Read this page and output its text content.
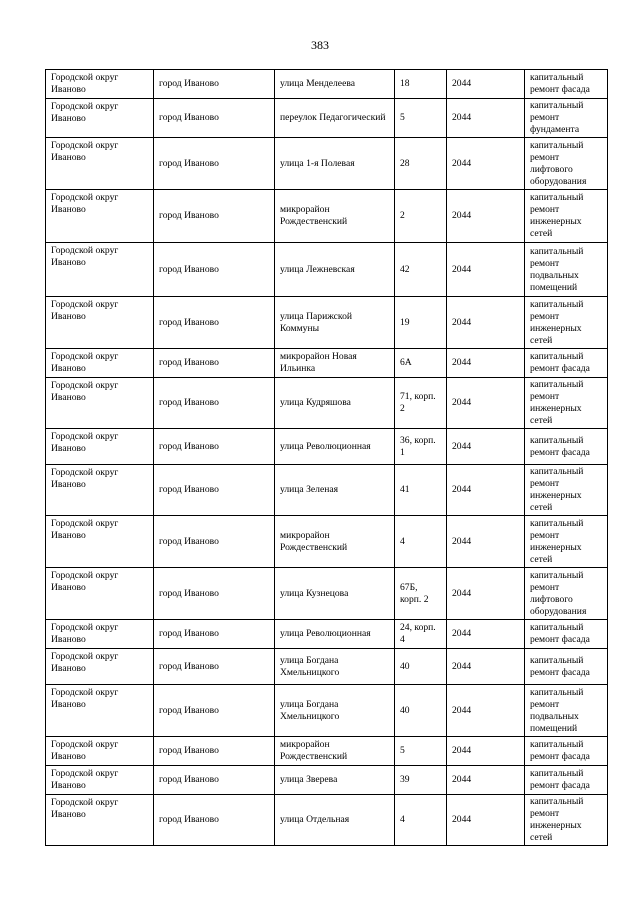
383
Городской округ Иваново	город Иваново	улица Менделеева	18	2044	капитальный ремонт фасада
Городской округ Иваново	город Иваново	переулок Педагогический	5	2044	капитальный ремонт фундамента
Городской округ Иваново	город Иваново	улица 1-я Полевая	28	2044	капитальный ремонт лифтового оборудования
Городской округ Иваново	город Иваново	микрорайон Рождественский	2	2044	капитальный ремонт инженерных сетей
Городской округ Иваново	город Иваново	улица Лежневская	42	2044	капитальный ремонт подвальных помещений
Городской округ Иваново	город Иваново	улица Парижской Коммуны	19	2044	капитальный ремонт инженерных сетей
Городской округ Иваново	город Иваново	микрорайон Новая Ильинка	6А	2044	капитальный ремонт фасада
Городской округ Иваново	город Иваново	улица Кудряшова	71, корп. 2	2044	капитальный ремонт инженерных сетей
Городской округ Иваново	город Иваново	улица Революционная	36, корп. 1	2044	капитальный ремонт фасада
Городской округ Иваново	город Иваново	улица Зеленая	41	2044	капитальный ремонт инженерных сетей
Городской округ Иваново	город Иваново	микрорайон Рождественский	4	2044	капитальный ремонт инженерных сетей
Городской округ Иваново	город Иваново	улица Кузнецова	67Б, корп. 2	2044	капитальный ремонт лифтового оборудования
Городской округ Иваново	город Иваново	улица Революционная	24, корп. 4	2044	капитальный ремонт фасада
Городской округ Иваново	город Иваново	улица Богдана Хмельницкого	40	2044	капитальный ремонт фасада
Городской округ Иваново	город Иваново	улица Богдана Хмельницкого	40	2044	капитальный ремонт подвальных помещений
Городской округ Иваново	город Иваново	микрорайон Рождественский	5	2044	капитальный ремонт фасада
Городской округ Иваново	город Иваново	улица Зверева	39	2044	капитальный ремонт фасада
Городской округ Иваново	город Иваново	улица Отдельная	4	2044	капитальный ремонт инженерных сетей
